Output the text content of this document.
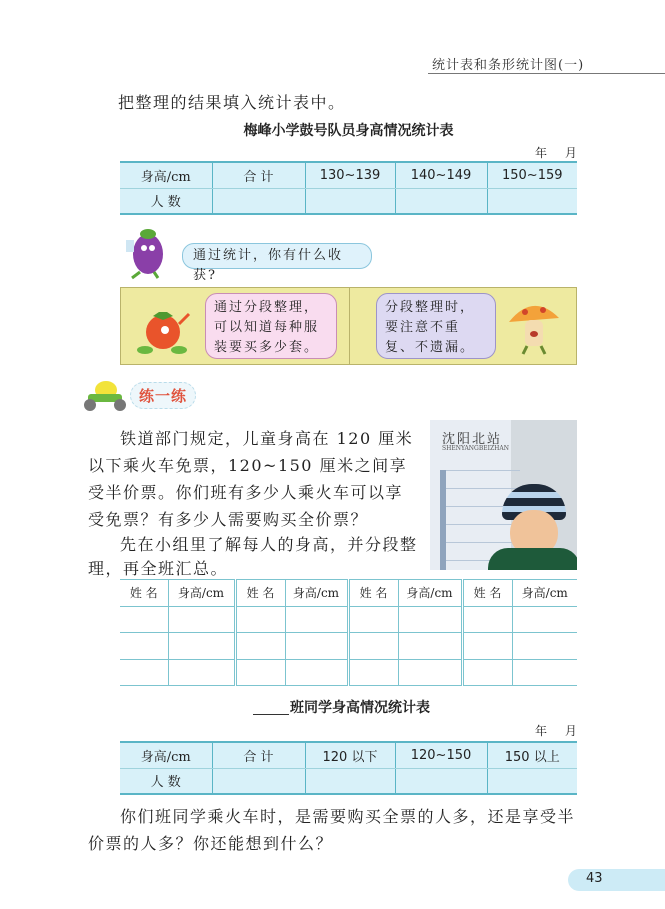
统计表和条形统计图(一)
把整理的结果填入统计表中。
梅峰小学鼓号队员身高情况统计表
年 月
身高/cm	合 计	130~139	140~149	150~159
人 数				
通过统计，你有什么收获?
通过分段整理，可以知道每种服装要买多少套。
分段整理时，要注意不重复、不遗漏。
练一练
铁道部门规定，儿童身高在 120 厘米以下乘火车免票，120~150 厘米之间享受半价票。你们班有多少人乘火车可以享受免票？有多少人需要购买全价票？
先在小组里了解每人的身高，并分段整理，再全班汇总。
沈阳北站
SHENYANGBEIZHAN
姓 名	身高/cm	姓 名	身高/cm	姓 名	身高/cm	姓 名	身高/cm

班同学身高情况统计表
年 月
身高/cm	合 计	120 以下	120~150	150 以上
人 数				
你们班同学乘火车时，是需要购买全票的人多，还是享受半价票的人多？你还能想到什么？
43
